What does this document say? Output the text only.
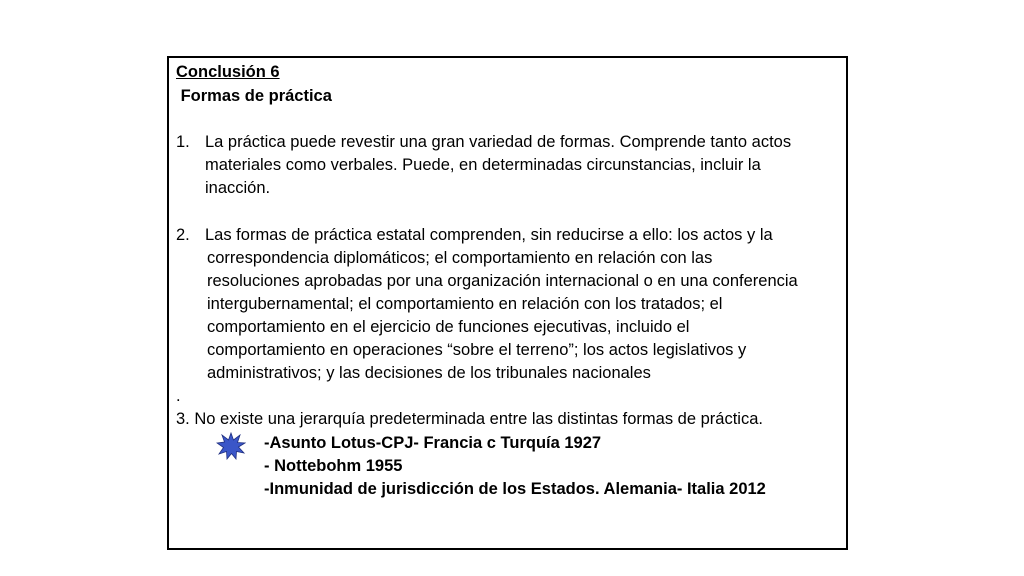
Conclusión 6
Formas de práctica
1. La práctica puede revestir una gran variedad de formas. Comprende tanto actos
materiales como verbales. Puede, en determinadas circunstancias, incluir la
inacción.
2. Las formas de práctica estatal comprenden, sin reducirse a ello: los actos y la
correspondencia diplomáticos; el comportamiento en relación con las
resoluciones aprobadas por una organización internacional o en una conferencia
intergubernamental; el comportamiento en relación con los tratados; el
comportamiento en el ejercicio de funciones ejecutivas, incluido el
comportamiento en operaciones “sobre el terreno”; los actos legislativos y
administrativos; y las decisiones de los tribunales nacionales
.
3. No existe una jerarquía predeterminada entre las distintas formas de práctica.
-Asunto Lotus-CPJ- Francia c Turquía 1927
- Nottebohm 1955
-Inmunidad de jurisdicción de los Estados. Alemania- Italia 2012
